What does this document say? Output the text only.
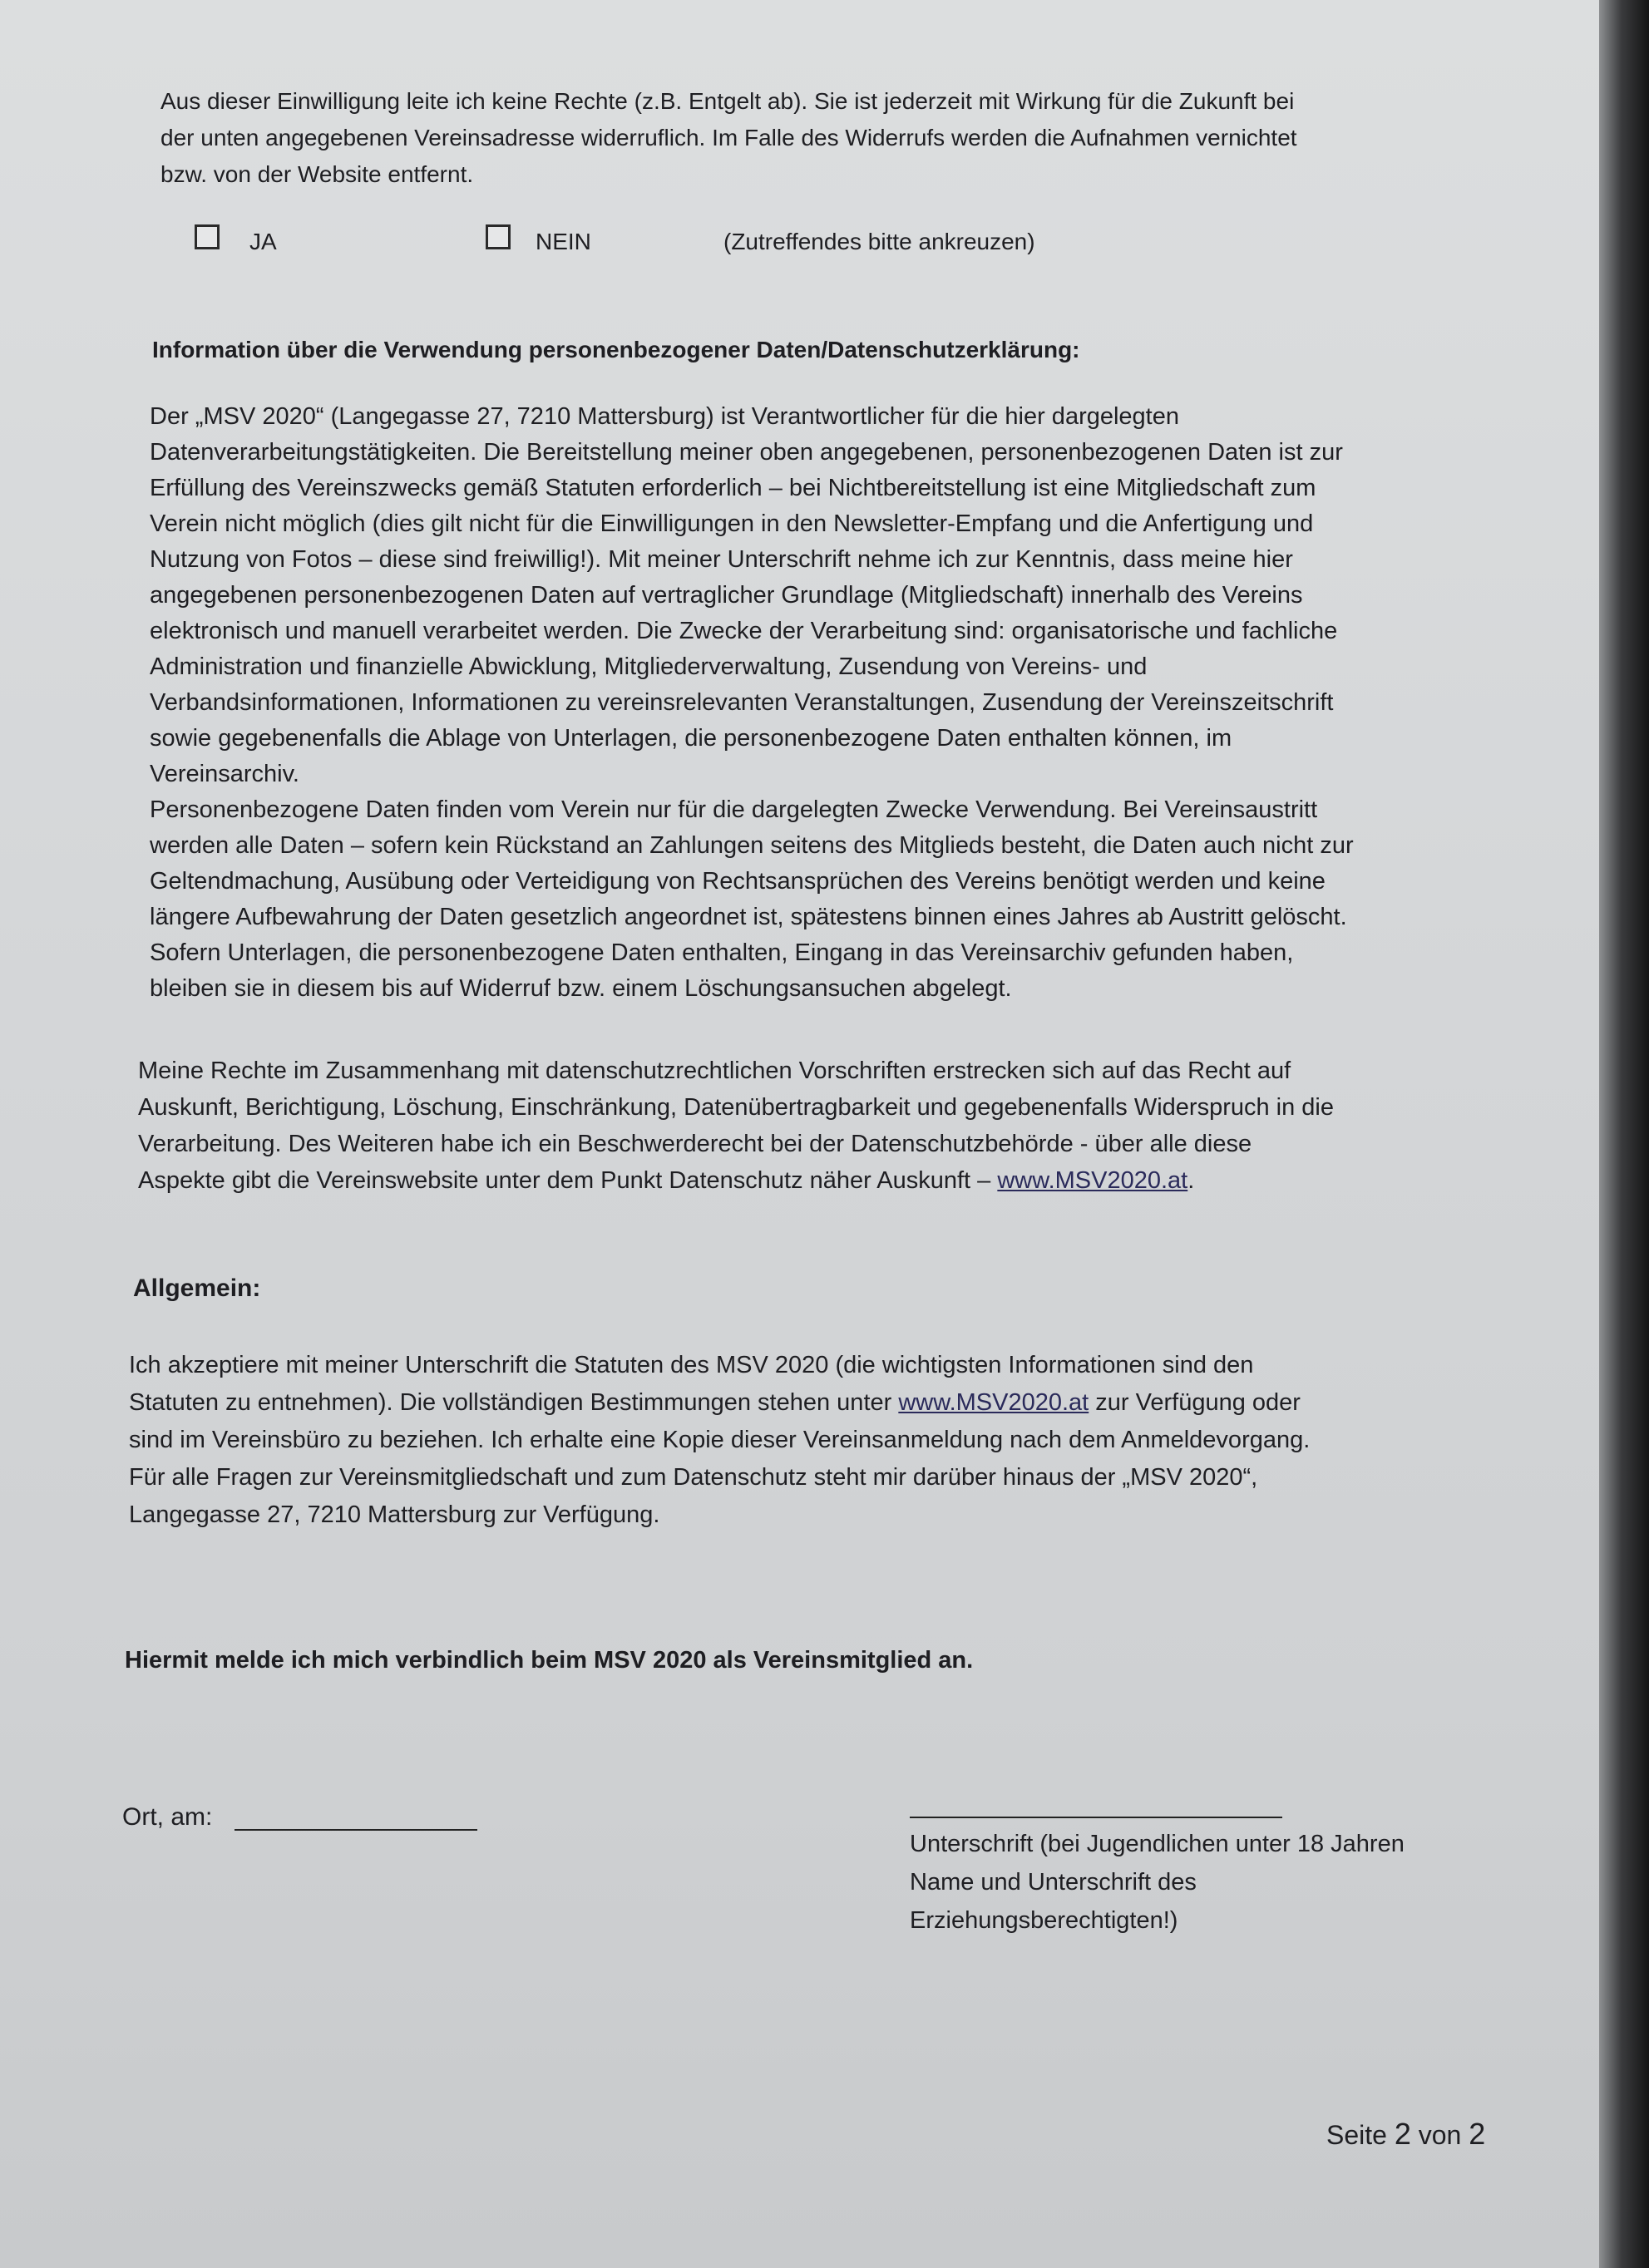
Aus dieser Einwilligung leite ich keine Rechte (z.B. Entgelt ab). Sie ist jederzeit mit Wirkung für die Zukunft bei
der unten angegebenen Vereinsadresse widerruflich. Im Falle des Widerrufs werden die Aufnahmen vernichtet
bzw. von der Website entfernt.
JA	NEIN	(Zutreffendes bitte ankreuzen)
Information über die Verwendung personenbezogener Daten/Datenschutzerklärung:
Der „MSV 2020“ (Langegasse 27, 7210 Mattersburg) ist Verantwortlicher für die hier dargelegten
Datenverarbeitungstätigkeiten. Die Bereitstellung meiner oben angegebenen, personenbezogenen Daten ist zur
Erfüllung des Vereinszwecks gemäß Statuten erforderlich – bei Nichtbereitstellung ist eine Mitgliedschaft zum
Verein nicht möglich (dies gilt nicht für die Einwilligungen in den Newsletter-Empfang und die Anfertigung und
Nutzung von Fotos – diese sind freiwillig!). Mit meiner Unterschrift nehme ich zur Kenntnis, dass meine hier
angegebenen personenbezogenen Daten auf vertraglicher Grundlage (Mitgliedschaft) innerhalb des Vereins
elektronisch und manuell verarbeitet werden. Die Zwecke der Verarbeitung sind: organisatorische und fachliche
Administration und finanzielle Abwicklung, Mitgliederverwaltung, Zusendung von Vereins- und
Verbandsinformationen, Informationen zu vereinsrelevanten Veranstaltungen, Zusendung der Vereinszeitschrift
sowie gegebenenfalls die Ablage von Unterlagen, die personenbezogene Daten enthalten können, im
Vereinsarchiv.
Personenbezogene Daten finden vom Verein nur für die dargelegten Zwecke Verwendung. Bei Vereinsaustritt
werden alle Daten – sofern kein Rückstand an Zahlungen seitens des Mitglieds besteht, die Daten auch nicht zur
Geltendmachung, Ausübung oder Verteidigung von Rechtsansprüchen des Vereins benötigt werden und keine
längere Aufbewahrung der Daten gesetzlich angeordnet ist, spätestens binnen eines Jahres ab Austritt gelöscht.
Sofern Unterlagen, die personenbezogene Daten enthalten, Eingang in das Vereinsarchiv gefunden haben,
bleiben sie in diesem bis auf Widerruf bzw. einem Löschungsansuchen abgelegt.
Meine Rechte im Zusammenhang mit datenschutzrechtlichen Vorschriften erstrecken sich auf das Recht auf
Auskunft, Berichtigung, Löschung, Einschränkung, Datenübertragbarkeit und gegebenenfalls Widerspruch in die
Verarbeitung. Des Weiteren habe ich ein Beschwerderecht bei der Datenschutzbehörde - über alle diese
Aspekte gibt die Vereinswebsite unter dem Punkt Datenschutz näher Auskunft – www.MSV2020.at.
Allgemein:
Ich akzeptiere mit meiner Unterschrift die Statuten des MSV 2020 (die wichtigsten Informationen sind den
Statuten zu entnehmen). Die vollständigen Bestimmungen stehen unter www.MSV2020.at zur Verfügung oder
sind im Vereinsbüro zu beziehen. Ich erhalte eine Kopie dieser Vereinsanmeldung nach dem Anmeldevorgang.
Für alle Fragen zur Vereinsmitgliedschaft und zum Datenschutz steht mir darüber hinaus der „MSV 2020“,
Langegasse 27, 7210 Mattersburg zur Verfügung.
Hiermit melde ich mich verbindlich beim MSV 2020 als Vereinsmitglied an.
Ort, am:
Unterschrift (bei Jugendlichen unter 18 Jahren
Name und Unterschrift des
Erziehungsberechtigten!)
Seite 2 von 2
